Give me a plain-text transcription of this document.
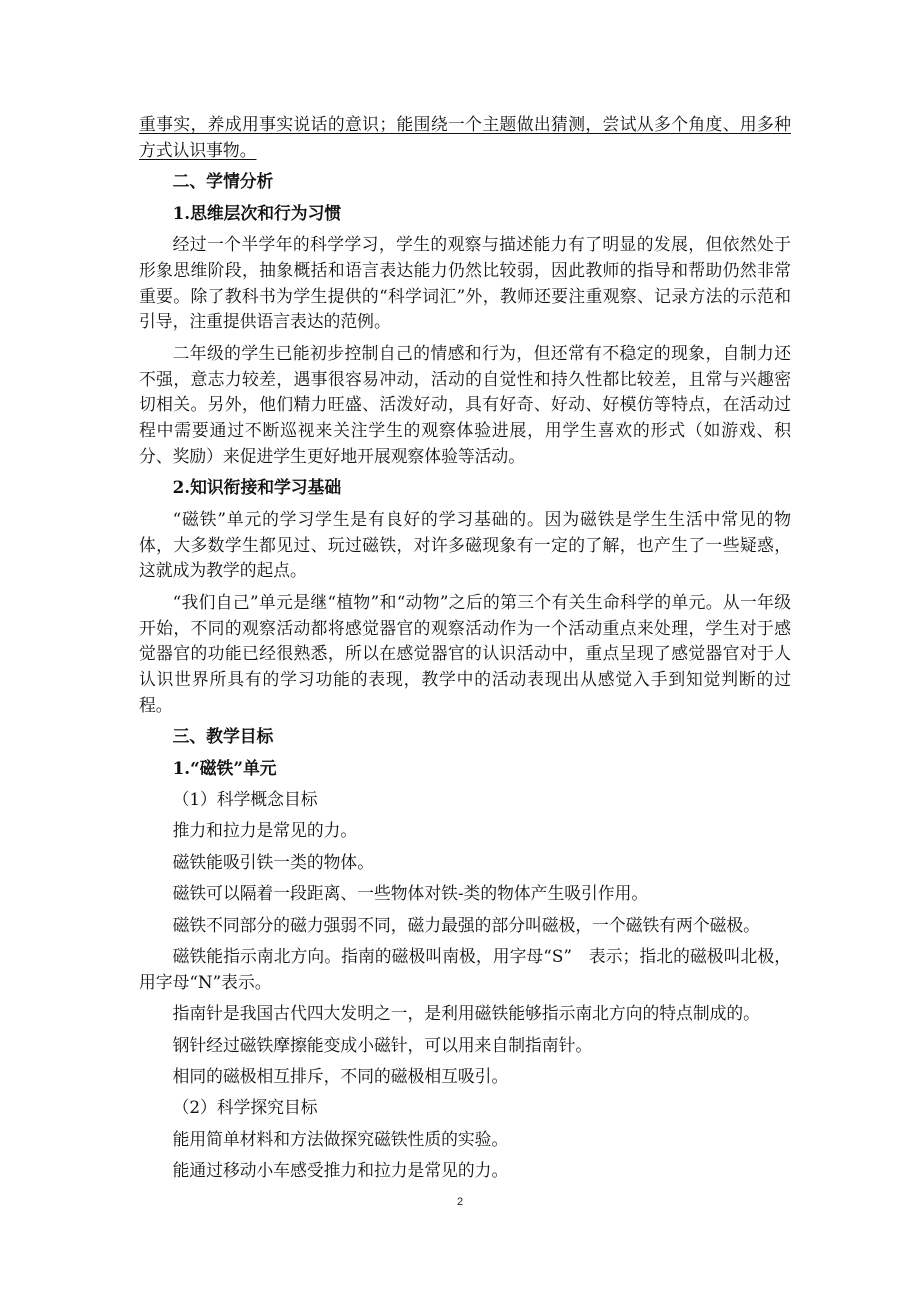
重事实，养成用事实说话的意识；能围绕一个主题做出猜测，尝试从多个角度、用多种方式认识事物。

二、学情分析

1.思维层次和行为习惯

经过一个半学年的科学学习，学生的观察与描述能力有了明显的发展，但依然处于形象思维阶段，抽象概括和语言表达能力仍然比较弱，因此教师的指导和帮助仍然非常重要。除了教科书为学生提供的“科学词汇”外，教师还要注重观察、记录方法的示范和引导，注重提供语言表达的范例。

二年级的学生已能初步控制自己的情感和行为，但还常有不稳定的现象，自制力还不强，意志力较差，遇事很容易冲动，活动的自觉性和持久性都比较差，且常与兴趣密切相关。另外，他们精力旺盛、活泼好动，具有好奇、好动、好模仿等特点，在活动过程中需要通过不断巡视来关注学生的观察体验进展，用学生喜欢的形式（如游戏、积分、奖励）来促进学生更好地开展观察体验等活动。

2.知识衔接和学习基础

“磁铁”单元的学习学生是有良好的学习基础的。因为磁铁是学生生活中常见的物体，大多数学生都见过、玩过磁铁，对许多磁现象有一定的了解，也产生了一些疑惑，这就成为教学的起点。

“我们自己”单元是继“植物”和“动物”之后的第三个有关生命科学的单元。从一年级开始，不同的观察活动都将感觉器官的观察活动作为一个活动重点来处理，学生对于感觉器官的功能已经很熟悉，所以在感觉器官的认识活动中，重点呈现了感觉器官对于人认识世界所具有的学习功能的表现，教学中的活动表现出从感觉入手到知觉判断的过程。

三、教学目标

1.“磁铁”单元

（1）科学概念目标

推力和拉力是常见的力。

磁铁能吸引铁一类的物体。

磁铁可以隔着一段距离、一些物体对铁-类的物体产生吸引作用。

磁铁不同部分的磁力强弱不同，磁力最强的部分叫磁极，一个磁铁有两个磁极。

磁铁能指示南北方向。指南的磁极叫南极，用字母“S”　表示；指北的磁极叫北极，用字母“N”表示。

指南针是我国古代四大发明之一，是利用磁铁能够指示南北方向的特点制成的。

钢针经过磁铁摩擦能变成小磁针，可以用来自制指南针。

相同的磁极相互排斥，不同的磁极相互吸引。

（2）科学探究目标

能用简单材料和方法做探究磁铁性质的实验。

能通过移动小车感受推力和拉力是常见的力。

2
